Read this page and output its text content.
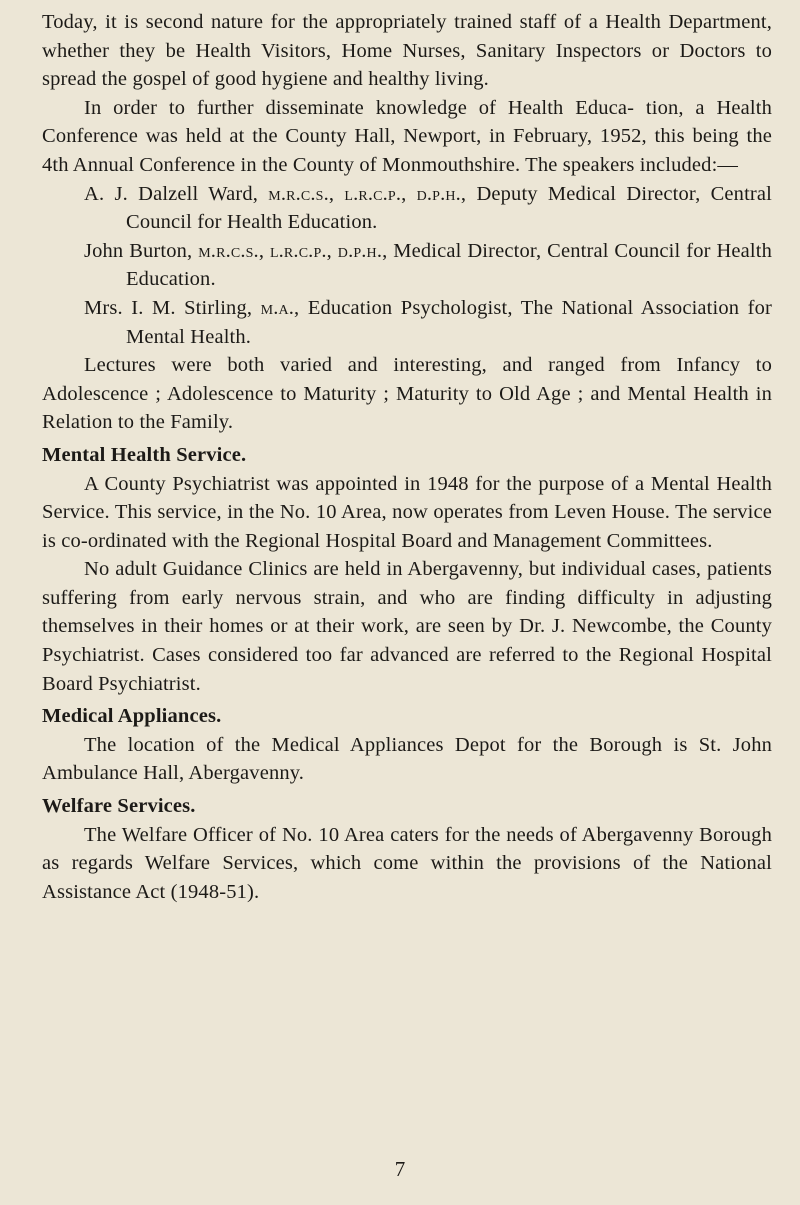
Today, it is second nature for the appropriately trained staff of a Health Department, whether they be Health Visitors, Home Nurses, Sanitary Inspectors or Doctors to spread the gospel of good hygiene and healthy living.

In order to further disseminate knowledge of Health Educa- tion, a Health Conference was held at the County Hall, Newport, in February, 1952, this being the 4th Annual Conference in the County of Monmouthshire. The speakers included:—

A. J. Dalzell Ward, m.r.c.s., l.r.c.p., d.p.h., Deputy Medical Director, Central Council for Health Education.

John Burton, m.r.c.s., l.r.c.p., d.p.h., Medical Director, Central Council for Health Education.

Mrs. I. M. Stirling, m.a., Education Psychologist, The National Association for Mental Health.

Lectures were both varied and interesting, and ranged from Infancy to Adolescence ; Adolescence to Maturity ; Maturity to Old Age ; and Mental Health in Relation to the Family.

Mental Health Service.

A County Psychiatrist was appointed in 1948 for the purpose of a Mental Health Service. This service, in the No. 10 Area, now operates from Leven House. The service is co-ordinated with the Regional Hospital Board and Management Committees.

No adult Guidance Clinics are held in Abergavenny, but individual cases, patients suffering from early nervous strain, and who are finding difficulty in adjusting themselves in their homes or at their work, are seen by Dr. J. Newcombe, the County Psychiatrist. Cases considered too far advanced are referred to the Regional Hospital Board Psychiatrist.

Medical Appliances.

The location of the Medical Appliances Depot for the Borough is St. John Ambulance Hall, Abergavenny.

Welfare Services.

The Welfare Officer of No. 10 Area caters for the needs of Abergavenny Borough as regards Welfare Services, which come within the provisions of the National Assistance Act (1948-51).

7
